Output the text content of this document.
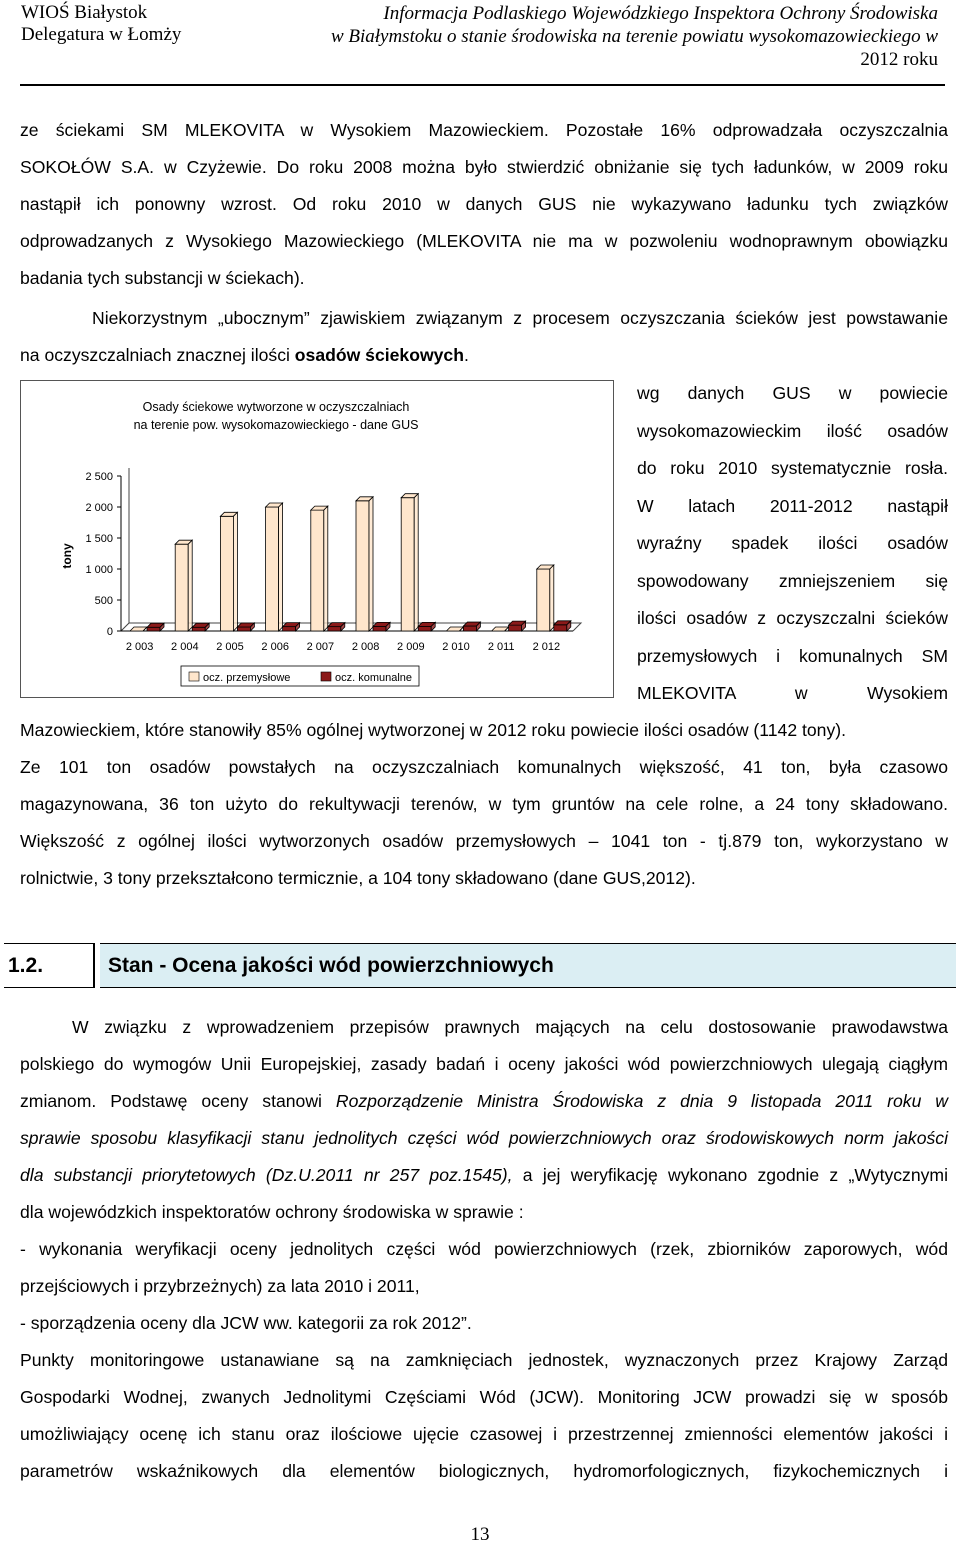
WIOŚ Białystok
Delegatura w Łomży
Informacja Podlaskiego Wojewódzkiego Inspektora Ochrony Środowiska
w Białymstoku o stanie środowiska na terenie powiatu wysokomazowieckiego w
2012 roku
ze ściekami SM MLEKOVITA w Wysokiem Mazowieckiem. Pozostałe 16% odprowadzała oczyszczalnia
SOKOŁÓW S.A. w Czyżewie. Do roku 2008 można było stwierdzić obniżanie się tych ładunków, w 2009 roku
nastąpił ich ponowny wzrost. Od roku 2010 w danych GUS nie wykazywano ładunku tych związków
odprowadzanych z Wysokiego Mazowieckiego (MLEKOVITA nie ma w pozwoleniu wodnoprawnym obowiązku
badania tych substancji w ściekach).
Niekorzystnym „ubocznym” zjawiskiem związanym z procesem oczyszczania ścieków jest powstawanie
na oczyszczalniach znacznej ilości osadów ściekowych.
Osady ściekowe wytworzone w oczyszczalniach
na terenie pow. wysokomazowieckiego - dane GUS
tony
0
500
1 000
1 500
2 000
2 500
2 003 2 004 2 005 2 006 2 007 2 008 2 009 2 010 2 011 2 012
ocz. przemysłowe	ocz. komunalne
wg danych GUS w powiecie
wysokomazowieckim ilość osadów
do roku 2010 systematycznie rosła.
W latach 2011-2012 nastąpił
wyraźny spadek ilości osadów
spowodowany zmniejszeniem się
ilości osadów z oczyszczalni ścieków
przemysłowych i komunalnych SM
MLEKOVITA w Wysokiem
Mazowieckiem, które stanowiły 85% ogólnej wytworzonej w 2012 roku powiecie ilości osadów (1142 tony).
Ze 101 ton osadów powstałych na oczyszczalniach komunalnych większość, 41 ton, była czasowo
magazynowana, 36 ton użyto do rekultywacji terenów, w tym gruntów na cele rolne, a 24 tony składowano.
Większość z ogólnej ilości wytworzonych osadów przemysłowych – 1041 ton - tj.879 ton, wykorzystano w
rolnictwie, 3 tony przekształcono termicznie, a 104 tony składowano (dane GUS,2012).
1.2.	Stan - Ocena jakości wód powierzchniowych
W związku z wprowadzeniem przepisów prawnych mających na celu dostosowanie prawodawstwa
polskiego do wymogów Unii Europejskiej, zasady badań i oceny jakości wód powierzchniowych ulegają ciągłym
zmianom. Podstawę oceny stanowi Rozporządzenie Ministra Środowiska z dnia 9 listopada 2011 roku w
sprawie sposobu klasyfikacji stanu jednolitych części wód powierzchniowych oraz środowiskowych norm jakości
dla substancji priorytetowych (Dz.U.2011 nr 257 poz.1545), a jej weryfikację wykonano zgodnie z „Wytycznymi
dla wojewódzkich inspektoratów ochrony środowiska w sprawie :
- wykonania weryfikacji oceny jednolitych części wód powierzchniowych (rzek, zbiorników zaporowych, wód
przejściowych i przybrzeżnych) za lata 2010 i 2011,
- sporządzenia oceny dla JCW ww. kategorii za rok 2012”.
Punkty monitoringowe ustanawiane są na zamknięciach jednostek, wyznaczonych przez Krajowy Zarząd
Gospodarki Wodnej, zwanych Jednolitymi Częściami Wód (JCW). Monitoring JCW prowadzi się w sposób
umożliwiający ocenę ich stanu oraz ilościowe ujęcie czasowej i przestrzennej zmienności elementów jakości i
parametrów wskaźnikowych dla elementów biologicznych, hydromorfologicznych, fizykochemicznych i
13
